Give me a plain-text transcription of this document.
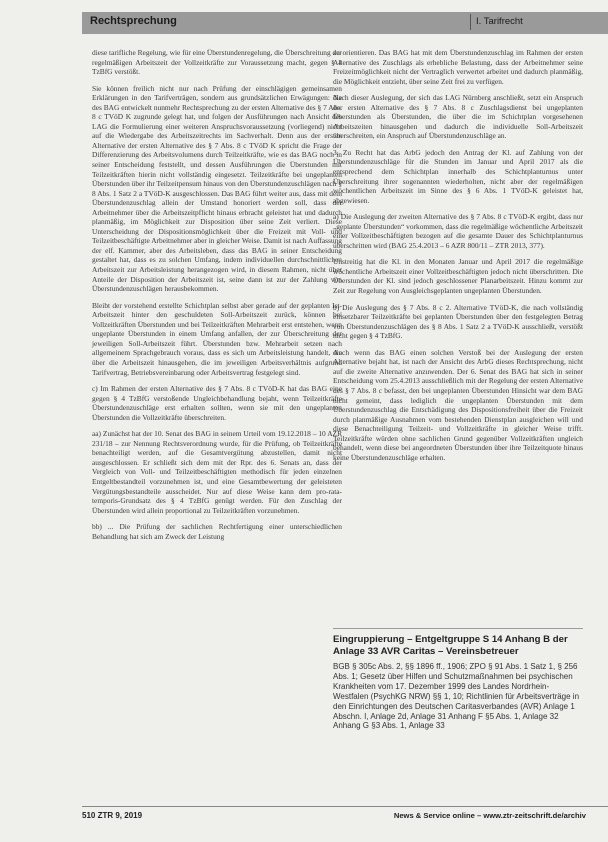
Rechtsprechung	I. Tarifrecht

diese tarifliche Regelung, wie für eine Überstundenregelung, die Überschreitung der regelmäßigen Arbeitszeit der Vollzeitkräfte zur Voraussetzung macht, gegen § 4 TzBfG verstößt.

Sie können freilich nicht nur nach Prüfung der einschlägigen gemeinsamen Erklärungen in den Tarifverträgen, sondern aus grundsätzlichen Erwägungen: die des BAG entwickelt nunmehr Rechtsprechung zu der ersten Alternative des § 7 Abs. 8 c TVöD K zugrunde gelegt hat, und folgen der Ausführungen nach Ansicht des LAG die Formulierung einer weiteren Anspruchsvoraussetzung (vorliegend) nicht auf die Wiedergabe des Arbeitszeitrechts im Sachverhalt. Denn aus der ersten Alternative der ersten Alternative des § 7 Abs. 8 c TVöD K spricht die Frage der Differenzierung des Arbeitsvolumens durch Teilzeitkräfte, wie es das BAG noch in seiner Entscheidung feststellt, und dessen Ausführungen die Überstunden mit Teilzeitkräften hierin nicht vollständig eingesetzt. Teilzeitkräfte bei ungeplanten Überstunden über ihr Teilzeitpensum hinaus von den Überstundenzuschlägen nach § 8 Abs. 1 Satz 2 a TVöD-K ausgeschlossen. Das BAG führt weiter aus, dass mit dem Überstundenzuschlag allein der Umstand honoriert werden soll, dass der Arbeitnehmer über die Arbeitszeitpflicht hinaus erbracht geleistet hat und dadurch planmäßig, im Möglichkeit zur Disposition über seine Zeit verliert. Diese Unterscheidung der Dispositionsmöglichkeit über die Freizeit mit Voll- und Teilzeitbeschäftigte Arbeitnehmer aber in gleicher Weise. Damit ist nach Auffassung der elf. Kammer, aber des Arbeitsleben, dass das BAG in seiner Entscheidung gestaltet hat, dass es zu solchen Umfang, indem individuellen durchschnittlichen Arbeitszeit zur Arbeitsleistung herangezogen wird, in diesem Rahmen, nicht über Anteile der Disposition der Arbeitszeit ist, seine dann ist zur der Zahlung von Überstundenzuschlägen herausbekommen.

Bleibt der vorstehend erstellte Schichtplan selbst aber gerade auf der geplanten Ist-Arbeitszeit hinter den geschuldeten Soll-Arbeitszeit zurück, können bei Vollzeitkräften Überstunden und bei Teilzeitkräften Mehrarbeit erst entstehen, wenn ungeplante Überstunden in einem Umfang anfallen, der zur Überschreitung der jeweiligen Soll-Arbeitszeit führt. Überstunden bzw. Mehrarbeit setzen nach allgemeinem Sprachgebrauch voraus, dass es sich um Arbeitsleistung handelt, die über die Arbeitszeit hinausgehen, die im jeweiligen Arbeitsverhältnis aufgrund Tarifvertrag, Betriebsvereinbarung oder Arbeitsvertrag festgelegt sind.

c) Im Rahmen der ersten Alternative des § 7 Abs. 8 c TVöD-K hat das BAG eine gegen § 4 TzBfG verstoßende Ungleichbehandlung bejaht, wenn Teilzeitkräfte Überstundenzuschläge erst erhalten sollten, wenn sie mit den ungeplanten Überstunden die Vollzeitkräfte überschreiten.

aa) Zunächst hat der 10. Senat des BAG in seinem Urteil vom 19.12.2018 – 10 AZR 231/18 – zur Nennung Rechtsverordnung wurde, für die Prüfung, ob Teilzeitkräfte benachteiligt werden, auf die Gesamtvergütung abzustellen, damit nicht ausgeschlossen. Er schließt sich dem mit der Rpr. des 6. Senats an, dass der Vergleich von Voll- und Teilzeitbeschäftigten methodisch für jeden einzelnen Entgeltbestandteil vorzunehmen ist, und eine Gesamtbewertung der geleisteten Vergütungsbestandteile ausscheidet. Nur auf diese Weise kann dem pro-rata-temporis-Grundsatz des § 4 TzBfG genügt werden. Für den Zuschlag der Überstunden wird allein proportional zu Teilzeitkräften vorzunehmen.

bb) ... Die Prüfung der sachlichen Rechtfertigung einer unterschiedlichen Behandlung hat sich am Zweck der Leistung

zu orientieren. Das BAG hat mit dem Überstundenzuschlag im Rahmen der ersten Alternative des Zuschlags als erhebliche Belastung, dass der Arbeitnehmer seine Freizeitmöglichkeit nicht der Vertraglich verwertet arbeitet und dadurch planmäßig, die Möglichkeit entzieht, über seine Zeit frei zu verfügen.

Nach dieser Auslegung, der sich das LAG Nürnberg anschließt, setzt ein Anspruch der ersten Alternative des § 7 Abs. 8 c Zuschlagsdienst bei ungeplanten Überstunden als Überstunden, die über die im Schichtplan vorgesehenen Arbeitszeiten hinausgehen und dadurch die individuelle Soll-Arbeitszeit überschreiten, ein Anspruch auf Überstundenzuschläge an.

3. Zu Recht hat das ArbG jedoch den Antrag der Kl. auf Zahlung von der Überstundenzuschläge für die Stunden im Januar und April 2017 als die entsprechend dem Schichtplan innerhalb des Schichtplanturnus unter Überschreitung ihrer sogenannten wiederholten, nicht aber der regelmäßigen wöchentlichen Arbeitszeit im Sinne des § 6 Abs. 1 TVöD-K geleistet hat, abgewiesen.

a) Die Auslegung der zweiten Alternative des § 7 Abs. 8 c TVöD-K ergibt, dass nur „geplante Überstunden“ vorkommen, dass die regelmäßige wöchentliche Arbeitszeit einer Vollzeitbeschäftigten bezogen auf die gesamte Dauer des Schichtplanturnus überschritten wird (BAG 25.4.2013 – 6 AZR 800/11 – ZTR 2013, 377).

Unstreitig hat die Kl. in den Monaten Januar und April 2017 die regelmäßige wöchentliche Arbeitszeit einer Vollzeitbeschäftigten jedoch nicht überschritten. Die Überstunden der Kl. sind jedoch geschlossener Planarbeitszeit. Hinzu kommt zur Zeit zur Regelung von Ausgleichsgeplanten ungeplanten Überstunden.

b) Die Auslegung des § 7 Abs. 8 c 2. Alternative TVöD-K, die nach vollständig einsetzbarer Teilzeitkräfte bei geplanten Überstunden über den festgelegten Betrag von Überstundenzuschlägen des § 8 Abs. 1 Satz 2 a TVöD-K ausschließt, verstößt nicht gegen § 4 TzBfG.

Auch wenn das BAG einen solchen Verstoß bei der Auslegung der ersten Alternative bejaht hat, ist nach der Ansicht des ArbG dieses Rechtsprechung, nicht auf die zweite Alternative anzuwenden. Der 6. Senat des BAG hat sich in seiner Entscheidung vom 25.4.2013 ausschließlich mit der Regelung der ersten Alternative des § 7 Abs. 8 c befasst, den bei ungeplanten Überstunden Hinsicht war dem BAG nicht gemeint, dass lediglich die ungeplanten Überstunden mit dem Überstundenzuschlag die Entschädigung des Dispositionsfreiheit über die Freizeit durch planmäßige Ausnahmen vom bestehenden Dienstplan ausgleichen will und diese Benachteiligung Teilzeit- und Vollzeitkräfte in gleicher Weise trifft. Teilzeitkräfte würden ohne sachlichen Grund gegenüber Vollzeitkräften ungleich behandelt, wenn diese bei angeordneten Überstunden über ihre Teilzeitquote hinaus keine Überstundenzuschläge erhalten.

Eingruppierung – Entgeltgruppe S 14 Anhang B der Anlage 33 AVR Caritas – Vereinsbetreuer
BGB § 305c Abs. 2, §§ 1896 ff., 1906; ZPO § 91 Abs. 1 Satz 1, § 256 Abs. 1; Gesetz über Hilfen und Schutzmaßnahmen bei psychischen Krankheiten vom 17. Dezember 1999 des Landes Nordrhein-Westfalen (PsychKG NRW) §§ 1, 10; Richtlinien für Arbeitsverträge in den Einrichtungen des Deutschen Caritasverbandes (AVR) Anlage 1 Abschn. I, Anlage 2d, Anlage 31 Anhang F §5 Abs. 1, Anlage 32 Anhang G §3 Abs. 1, Anlage 33
510 ZTR 9, 2019	News & Service online – www.ztr-zeitschrift.de/archiv
